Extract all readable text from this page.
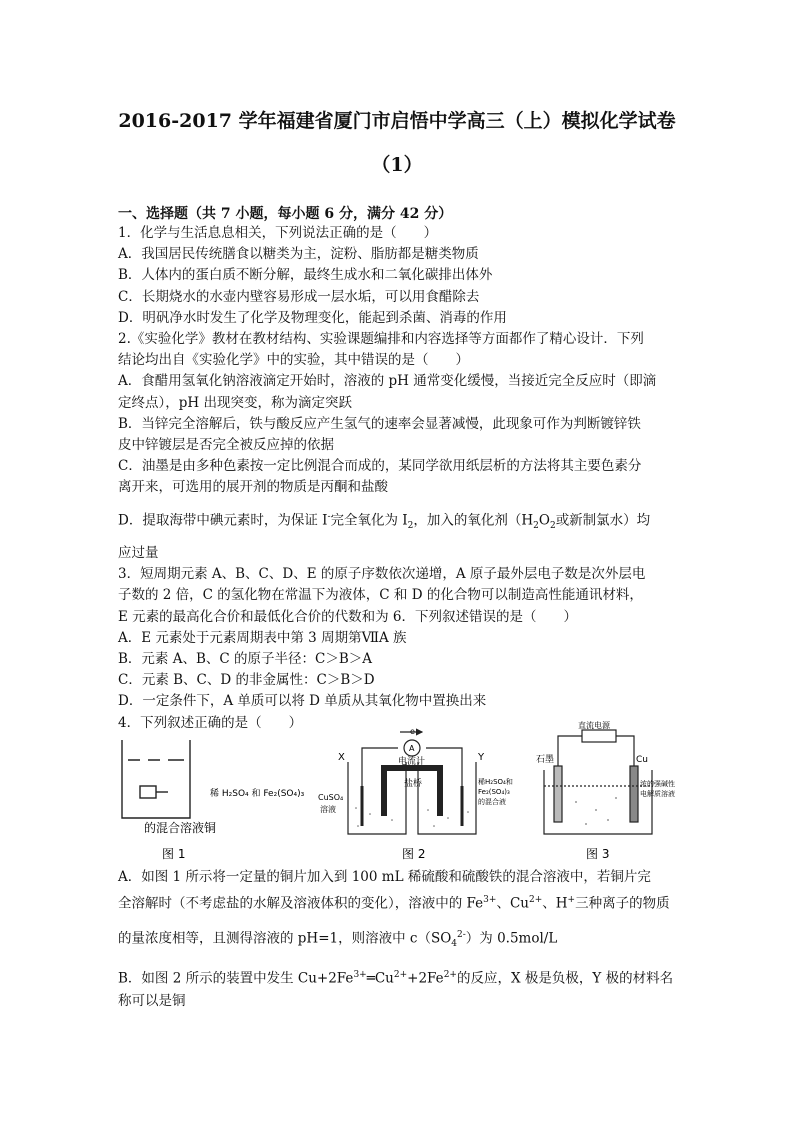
2016-2017 学年福建省厦门市启悟中学高三（上）模拟化学试卷
（1）
一、选择题（共 7 小题，每小题 6 分，满分 42 分）

1．化学与生活息息相关，下列说法正确的是（　　）

A．我国居民传统膳食以糖类为主，淀粉、脂肪都是糖类物质

B．人体内的蛋白质不断分解，最终生成水和二氧化碳排出体外

C．长期烧水的水壶内壁容易形成一层水垢，可以用食醋除去

D．明矾净水时发生了化学及物理变化，能起到杀菌、消毒的作用

2.《实验化学》教材在教材结构、实验课题编排和内容选择等方面都作了精心设计．下列

结论均出自《实验化学》中的实验，其中错误的是（　　）

A．食醋用氢氧化钠溶液滴定开始时，溶液的 pH 通常变化缓慢，当接近完全反应时（即滴

定终点），pH 出现突变，称为滴定突跃

B．当锌完全溶解后，铁与酸反应产生氢气的速率会显著减慢，此现象可作为判断镀锌铁

皮中锌镀层是否完全被反应掉的依据

C．油墨是由多种色素按一定比例混合而成的，某同学欲用纸层析的方法将其主要色素分

离开来，可选用的展开剂的物质是丙酮和盐酸

D．提取海带中碘元素时，为保证 I-完全氧化为 $I_2$，加入的氧化剂（$H_2O_2$或新制氯水）均

应过量

3．短周期元素 A、B、C、D、E 的原子序数依次递增，A 原子最外层电子数是次外层电

子数的 2 倍，C 的氢化物在常温下为液体，C 和 D 的化合物可以制造高性能通讯材料，

E 元素的最高化合价和最低化合价的代数和为 6．下列叙述错误的是（　　）

A．E 元素处于元素周期表中第 3 周期第ⅦA 族

B．元素 A、B、C 的原子半径：C＞B＞A

C．元素 B、C、D 的非金属性：C＞B＞D

D．一定条件下，A 单质可以将 D 单质从其氧化物中置换出来

4．下列叙述正确的是（　　）

稀 H₂SO₄ 和 Fe₂(SO₄)₃
的混合溶液铜
图 1
e
A
电流计
X	Y
盐桥
CuSO₄
溶液
稀H₂SO₄和
Fe₂(SO₄)₃
的混合液
图 2
直流电源
石墨	Cu
浓的强碱性
电解质溶液
图 3

A．如图 1 所示将一定量的铜片加入到 100 mL 稀硫酸和硫酸铁的混合溶液中，若铜片完

全溶解时（不考虑盐的水解及溶液体积的变化），溶液中的 $Fe^{3+}$、$Cu^{2+}$、H+三种离子的物质

的量浓度相等，且测得溶液的 pH=1，则溶液中 $c(SO_4^{2-})$为 0.5mol/L

B．如图 2 所示的装置中发生 $Cu+2Fe^{3+}═Cu^{2+}+2Fe^{2+}$的反应，X 极是负极，Y 极的材料名

称可以是铜
